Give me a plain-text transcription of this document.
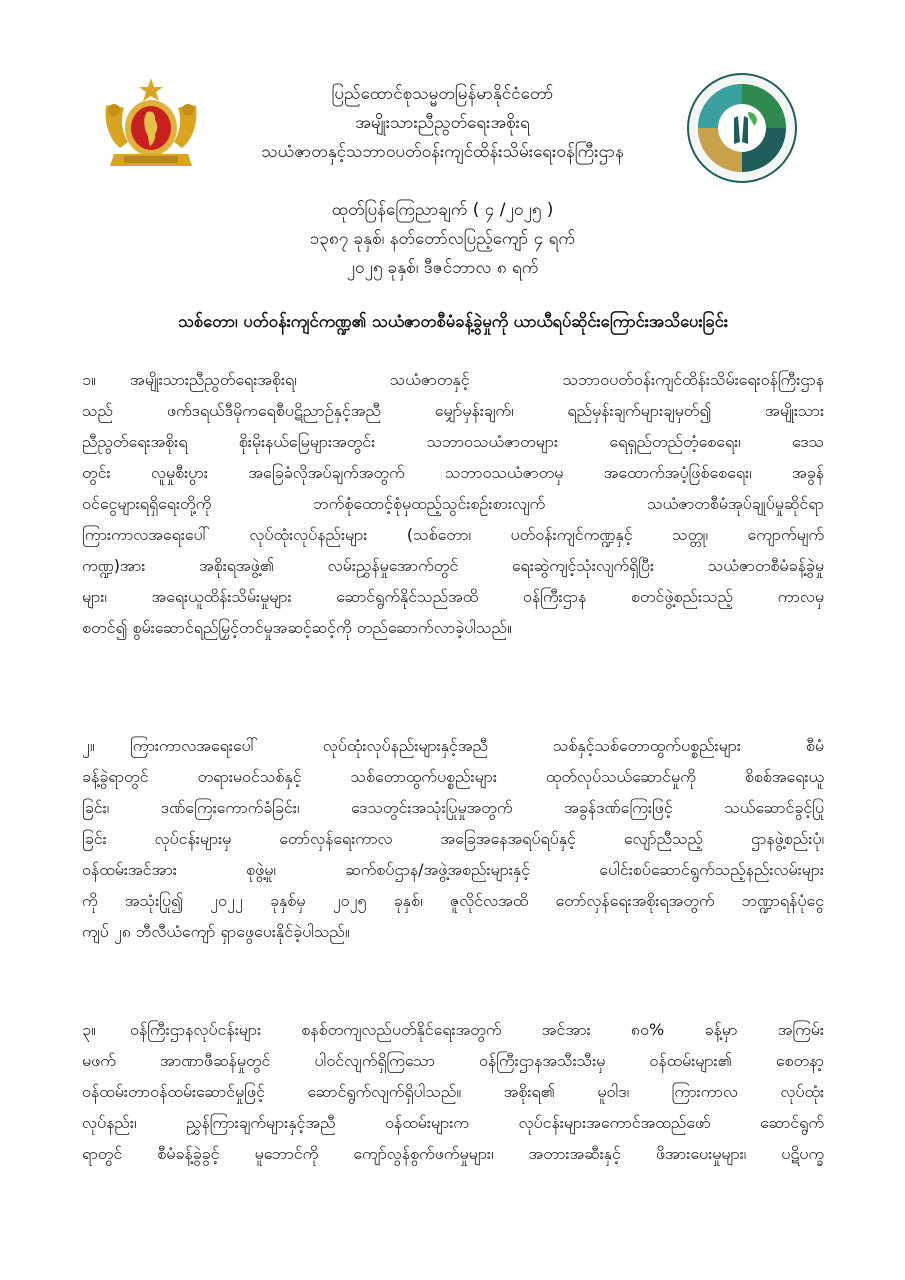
ပြည်ထောင်စုသမ္မတမြန်မာနိုင်ငံတော်
အမျိုးသားညီညွတ်ရေးအစိုးရ
သယံဇာတနှင့်သဘာဝပတ်ဝန်းကျင်ထိန်းသိမ်းရေးဝန်ကြီးဌာန
ထုတ်ပြန်ကြေညာချက် ( ၄ /၂၀၂၅ )
၁၃၈၇ ခုနှစ်၊ နတ်တော်လပြည့်ကျော် ၄ ရက်
၂၀၂၅ ခုနှစ်၊ ဒီဇင်ဘာလ ၈ ရက်
သစ်တော၊ ပတ်ဝန်းကျင်ကဏ္ဍ၏ သယံဇာတစီမံခန့်ခွဲမှုကို ယာယီရပ်ဆိုင်းကြောင်းအသိပေးခြင်း
၁။ အမျိုးသားညီညွတ်ရေးအစိုးရ၊ သယံဇာတနှင့် သဘာဝပတ်ဝန်းကျင်ထိန်းသိမ်းရေးဝန်ကြီးဌာန
သည် ဖက်ဒရယ်ဒီမိုကရေစီပဋိညာဉ်နှင့်အညီ မျှော်မှန်းချက်၊ ရည်မှန်းချက်များချမှတ်၍ အမျိုးသား
ညီညွတ်ရေးအစိုးရ စိုးမိုးနယ်မြေများအတွင်း သဘာဝသယံဇာတများ ရေရှည်တည်တံ့စေရေး၊ ဒေသ
တွင်း လူမှုစီးပွား အခြေခံလိုအပ်ချက်အတွက် သဘာဝသယံဇာတမှ အထောက်အပံ့ဖြစ်စေရေး၊ အခွန်
ဝင်ငွေများရရှိရေးတို့ကို ဘက်စုံထောင့်စုံမှထည့်သွင်းစဉ်းစားလျက် သယံဇာတစီမံအုပ်ချုပ်မှုဆိုင်ရာ
ကြားကာလအရေးပေါ် လုပ်ထုံးလုပ်နည်းများ (သစ်တော၊ ပတ်ဝန်းကျင်ကဏ္ဍနှင့် သတ္တု၊ ကျောက်မျက်
ကဏ္ဍ)အား အစိုးရအဖွဲ့၏ လမ်းညွှန်မှုအောက်တွင် ရေးဆွဲကျင့်သုံးလျက်ရှိပြီး သယံဇာတစီမံခန့်ခွဲမှု
များ၊ အရေးယူထိန်းသိမ်းမှုများ ဆောင်ရွက်နိုင်သည်အထိ ဝန်ကြီးဌာန စတင်ဖွဲ့စည်းသည့် ကာလမှ
စတင်၍ စွမ်းဆောင်ရည်မြှင့်တင်မှုအဆင့်ဆင့်ကို တည်ဆောက်လာခဲ့ပါသည်။
၂။ ကြားကာလအရေးပေါ် လုပ်ထုံးလုပ်နည်းများနှင့်အညီ သစ်နှင့်သစ်တောထွက်ပစ္စည်းများ စီမံ
ခန့်ခွဲရာတွင် တရားမဝင်သစ်နှင့် သစ်တောထွက်ပစ္စည်းများ ထုတ်လုပ်သယ်ဆောင်မှုကို စိစစ်အရေးယူ
ခြင်း၊ ဒဏ်ကြေးကောက်ခံခြင်း၊ ဒေသတွင်းအသုံးပြုမှုအတွက် အခွန်ဒဏ်ကြေးဖြင့် သယ်ဆောင်ခွင့်ပြု
ခြင်း လုပ်ငန်းများမှ တော်လှန်ရေးကာလ အခြေအနေအရပ်ရပ်နှင့် လျော်ညီသည့် ဌာနဖွဲ့စည်းပုံ၊
ဝန်ထမ်းအင်အား စုဖွဲ့မှု၊ ဆက်စပ်ဌာန/အဖွဲ့အစည်းများနှင့် ပေါင်းစပ်ဆောင်ရွက်သည့်နည်းလမ်းများ
ကို အသုံးပြု၍ ၂၀၂၂ ခုနှစ်မှ ၂၀၂၅ ခုနှစ်၊ ဇူလိုင်လအထိ တော်လှန်ရေးအစိုးရအတွက် ဘဏ္ဍာရန်ပုံငွေ
ကျပ် ၂၈ ဘီလီယံကျော် ရှာဖွေပေးနိုင်ခဲ့ပါသည်။
၃။ ဝန်ကြီးဌာနလုပ်ငန်းများ စနစ်တကျလည်ပတ်နိုင်ရေးအတွက် အင်အား ၈၀% ခန့်မှာ အကြမ်း
မဖက် အာဏာဖီဆန်မှုတွင် ပါဝင်လျက်ရှိကြသော ဝန်ကြီးဌာနအသီးသီးမှ ဝန်ထမ်းများ၏ စေတနာ့
ဝန်ထမ်းတာဝန်ထမ်းဆောင်မှုဖြင့် ဆောင်ရွက်လျက်ရှိပါသည်။ အစိုးရ၏ မူဝါဒ၊ ကြားကာလ လုပ်ထုံး
လုပ်နည်း၊ ညွှန်ကြားချက်များနှင့်အညီ ဝန်ထမ်းများက လုပ်ငန်းများအကောင်အထည်ဖော် ဆောင်ရွက်
ရာတွင် စီမံခန့်ခွဲခွင့် မူဘောင်ကို ကျော်လွန်စွက်ဖက်မှုများ၊ အတားအဆီးနှင့် ဖိအားပေးမှုများ၊ ပဋိပက္ခ
